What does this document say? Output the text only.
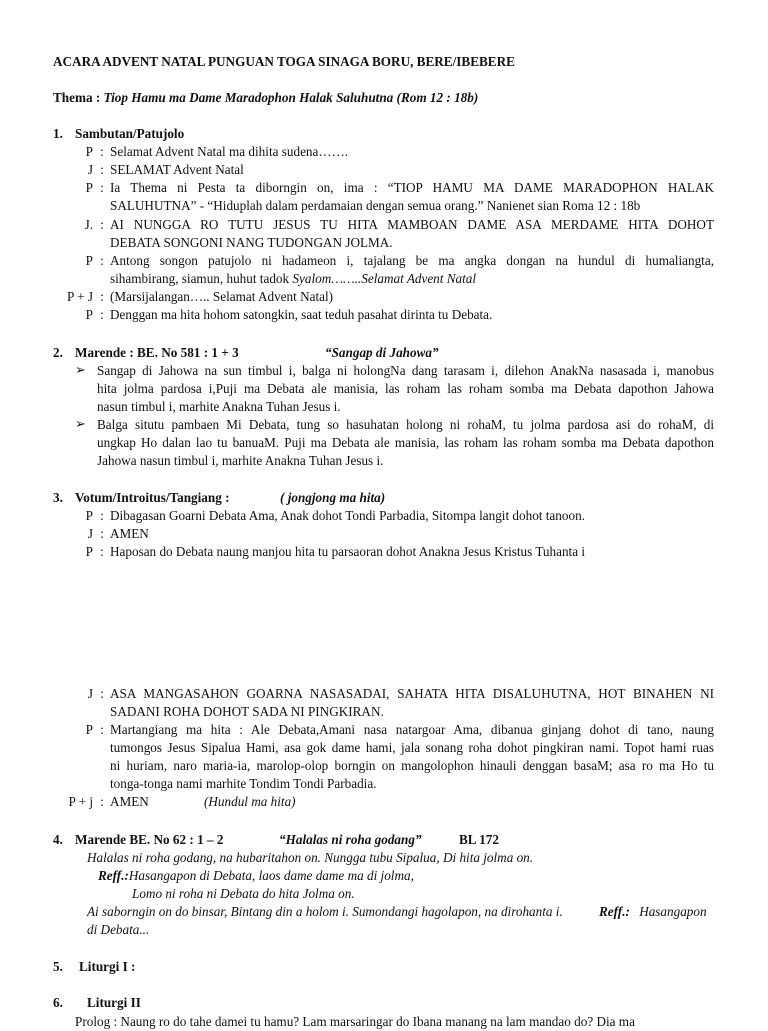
ACARA ADVENT NATAL PUNGUAN TOGA SINAGA BORU, BERE/IBEBERE
Thema : Tiop Hamu ma Dame Maradophon Halak Saluhutna (Rom 12 : 18b)
1. Sambutan/Patujolo
P : Selamat Advent Natal ma dihita sudena…….
J : SELAMAT Advent Natal
P : Ia Thema ni Pesta ta diborngin on, ima : “TIOP HAMU MA DAME MARADOPHON HALAK
SALUHUTNA” - “Hiduplah dalam perdamaian dengan semua orang.” Nanienet sian Roma 12 : 18b
J. : AI NUNGGA RO TUTU JESUS TU HITA MAMBOAN DAME ASA MERDAME HITA DOHOT
DEBATA SONGONI NANG TUDONGAN JOLMA.
P : Antong songon patujolo ni hadameon i, tajalang be ma angka dongan na hundul di humaliangta,
sihambirang, siamun, huhut tadok Syalom……..Selamat Advent Natal
P + J : (Marsijalangan….. Selamat Advent Natal)
P : Denggan ma hita hohom satongkin, saat teduh pasahat dirinta tu Debata.
2. Marende : BE. No 581 : 1 + 3	“Sangap di Jahowa”
➢ Sangap di Jahowa na sun timbul i, balga ni holongNa dang tarasam i, dilehon AnakNa nasasada i, manobus
hita jolma pardosa i,Puji ma Debata ale manisia, las roham las roham somba ma Debata dapothon Jahowa
nasun timbul i, marhite Anakna Tuhan Jesus i.
➢ Balga situtu pambaen Mi Debata, tung so hasuhatan holong ni rohaM, tu jolma pardosa asi do rohaM, di
ungkap Ho dalan lao tu banuaM. Puji ma Debata ale manisia, las roham las roham somba ma Debata dapothon
Jahowa nasun timbul i, marhite Anakna Tuhan Jesus i.
3. Votum/Introitus/Tangiang :	( jongjong ma hita)
P : Dibagasan Goarni Debata Ama, Anak dohot Tondi Parbadia, Sitompa langit dohot tanoon.
J : AMEN
P : Haposan do Debata naung manjou hita tu parsaoran dohot Anakna Jesus Kristus Tuhanta i
J : ASA MANGASAHON GOARNA NASASADAI, SAHATA HITA DISALUHUTNA, HOT BINAHEN NI
SADANI ROHA DOHOT SADA NI PINGKIRAN.
P : Martangiang ma hita : Ale Debata,Amani nasa natargoar Ama, dibanua ginjang dohot di tano, naung
tumongos Jesus Sipalua Hami, asa gok dame hami, jala sonang roha dohot pingkiran nami. Topot hami ruas
ni huriam, naro maria-ia, marolop-olop borngin on mangolophon hinauli denggan basaM; asa ro ma Ho tu
tonga-tonga nami marhite Tondim Tondi Parbadia.
P + j : AMEN	(Hundul ma hita)
4. Marende BE. No 62 : 1 – 2	“Halalas ni roha godang”	BL 172
Halalas ni roha godang, na hubaritahon on. Nungga tubu Sipalua, Di hita jolma on.
Reff.:Hasangapon di Debata, laos dame dame ma di jolma,
Lomo ni roha ni Debata do hita Jolma on.
Ai saborngin on do binsar, Bintang din a holom i. Sumondangi hagolapon, na dirohanta i.	Reff.: Hasangapon
di Debata...
5. Liturgi I :
6. Liturgi II
Prolog : Naung ro do tahe damei tu hamu? Lam marsaringar do Ibana manang na lam mandao do? Dia ma
